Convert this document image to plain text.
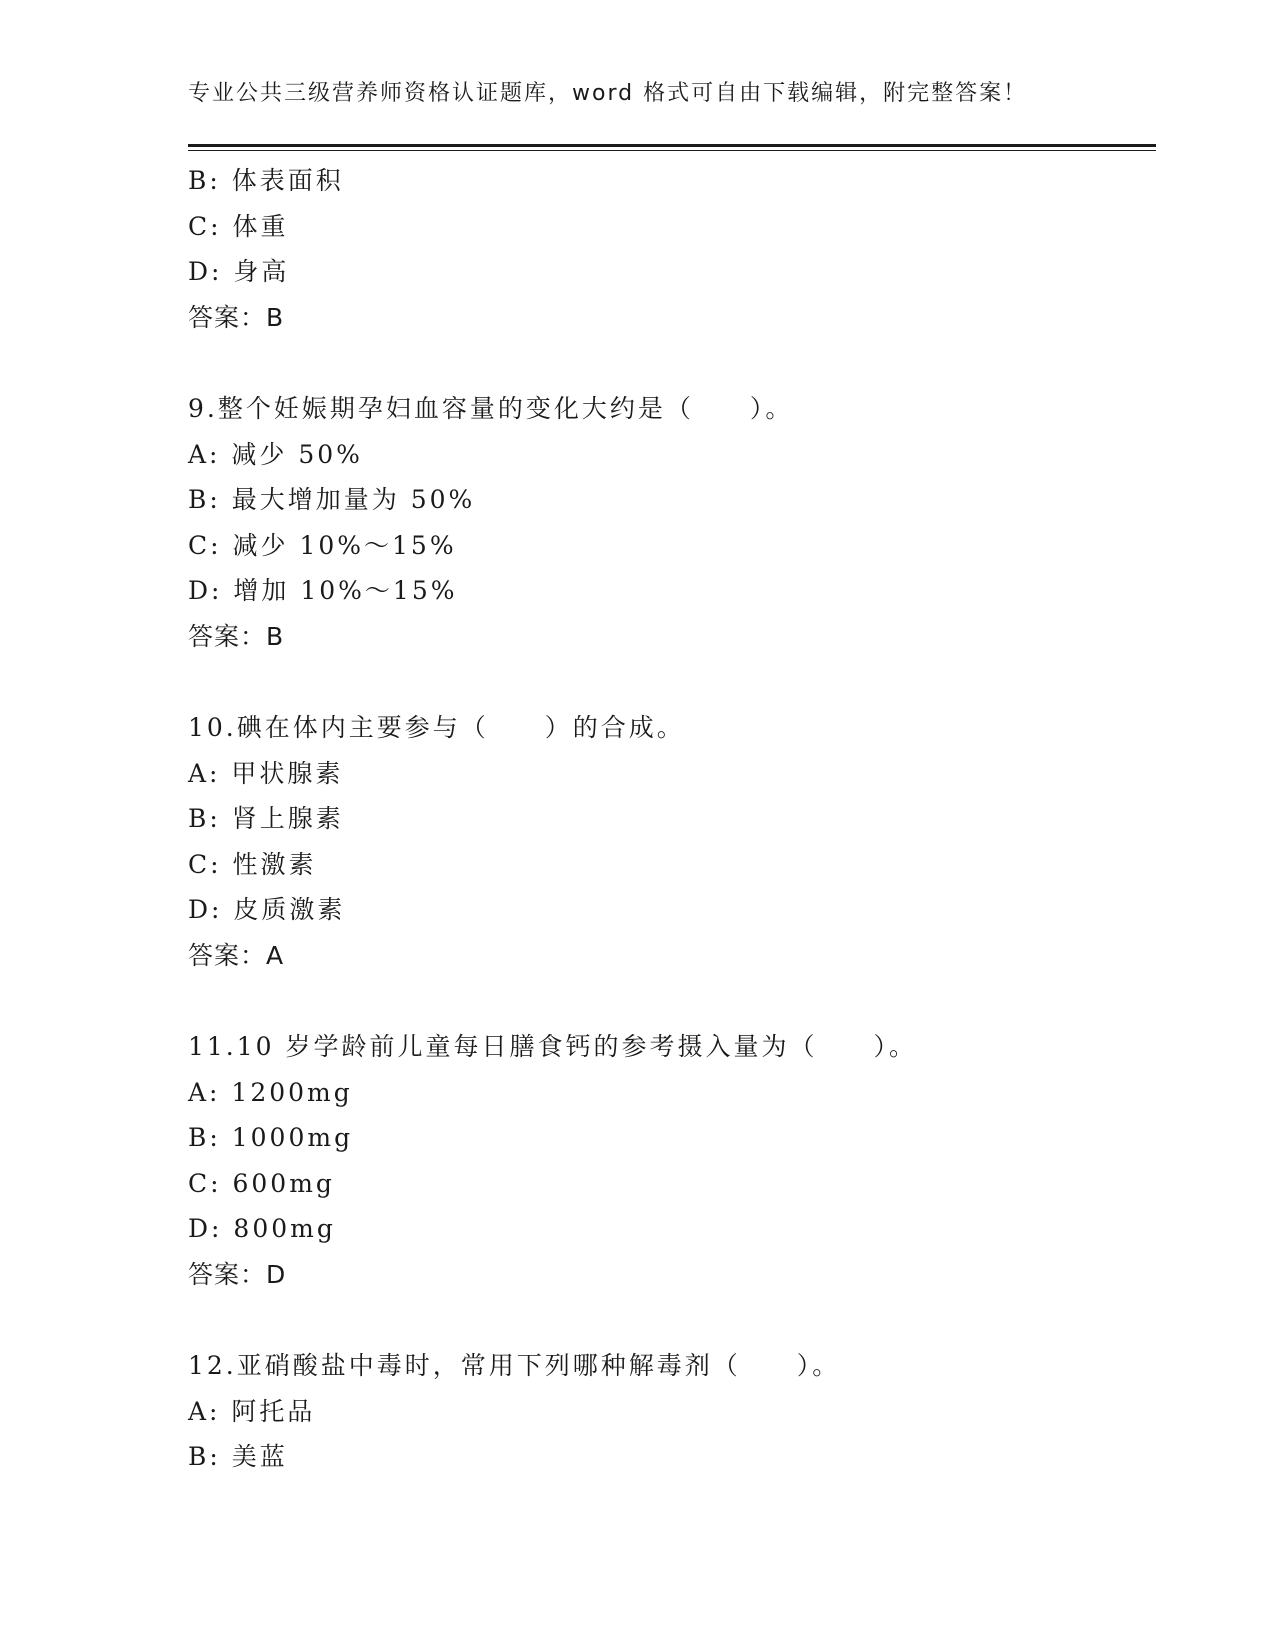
专业公共三级营养师资格认证题库，word 格式可自由下载编辑，附完整答案！
B: 体表面积
C: 体重
D: 身高
答案：B
9.整个妊娠期孕妇血容量的变化大约是（　　）。
A: 减少 50%
B: 最大增加量为 50%
C: 减少 10%～15%
D: 增加 10%～15%
答案：B
10.碘在体内主要参与（　　）的合成。
A: 甲状腺素
B: 肾上腺素
C: 性激素
D: 皮质激素
答案：A
11.10 岁学龄前儿童每日膳食钙的参考摄入量为（　　）。
A: 1200mg
B: 1000mg
C: 600mg
D: 800mg
答案：D
12.亚硝酸盐中毒时，常用下列哪种解毒剂（　　）。
A: 阿托品
B: 美蓝
